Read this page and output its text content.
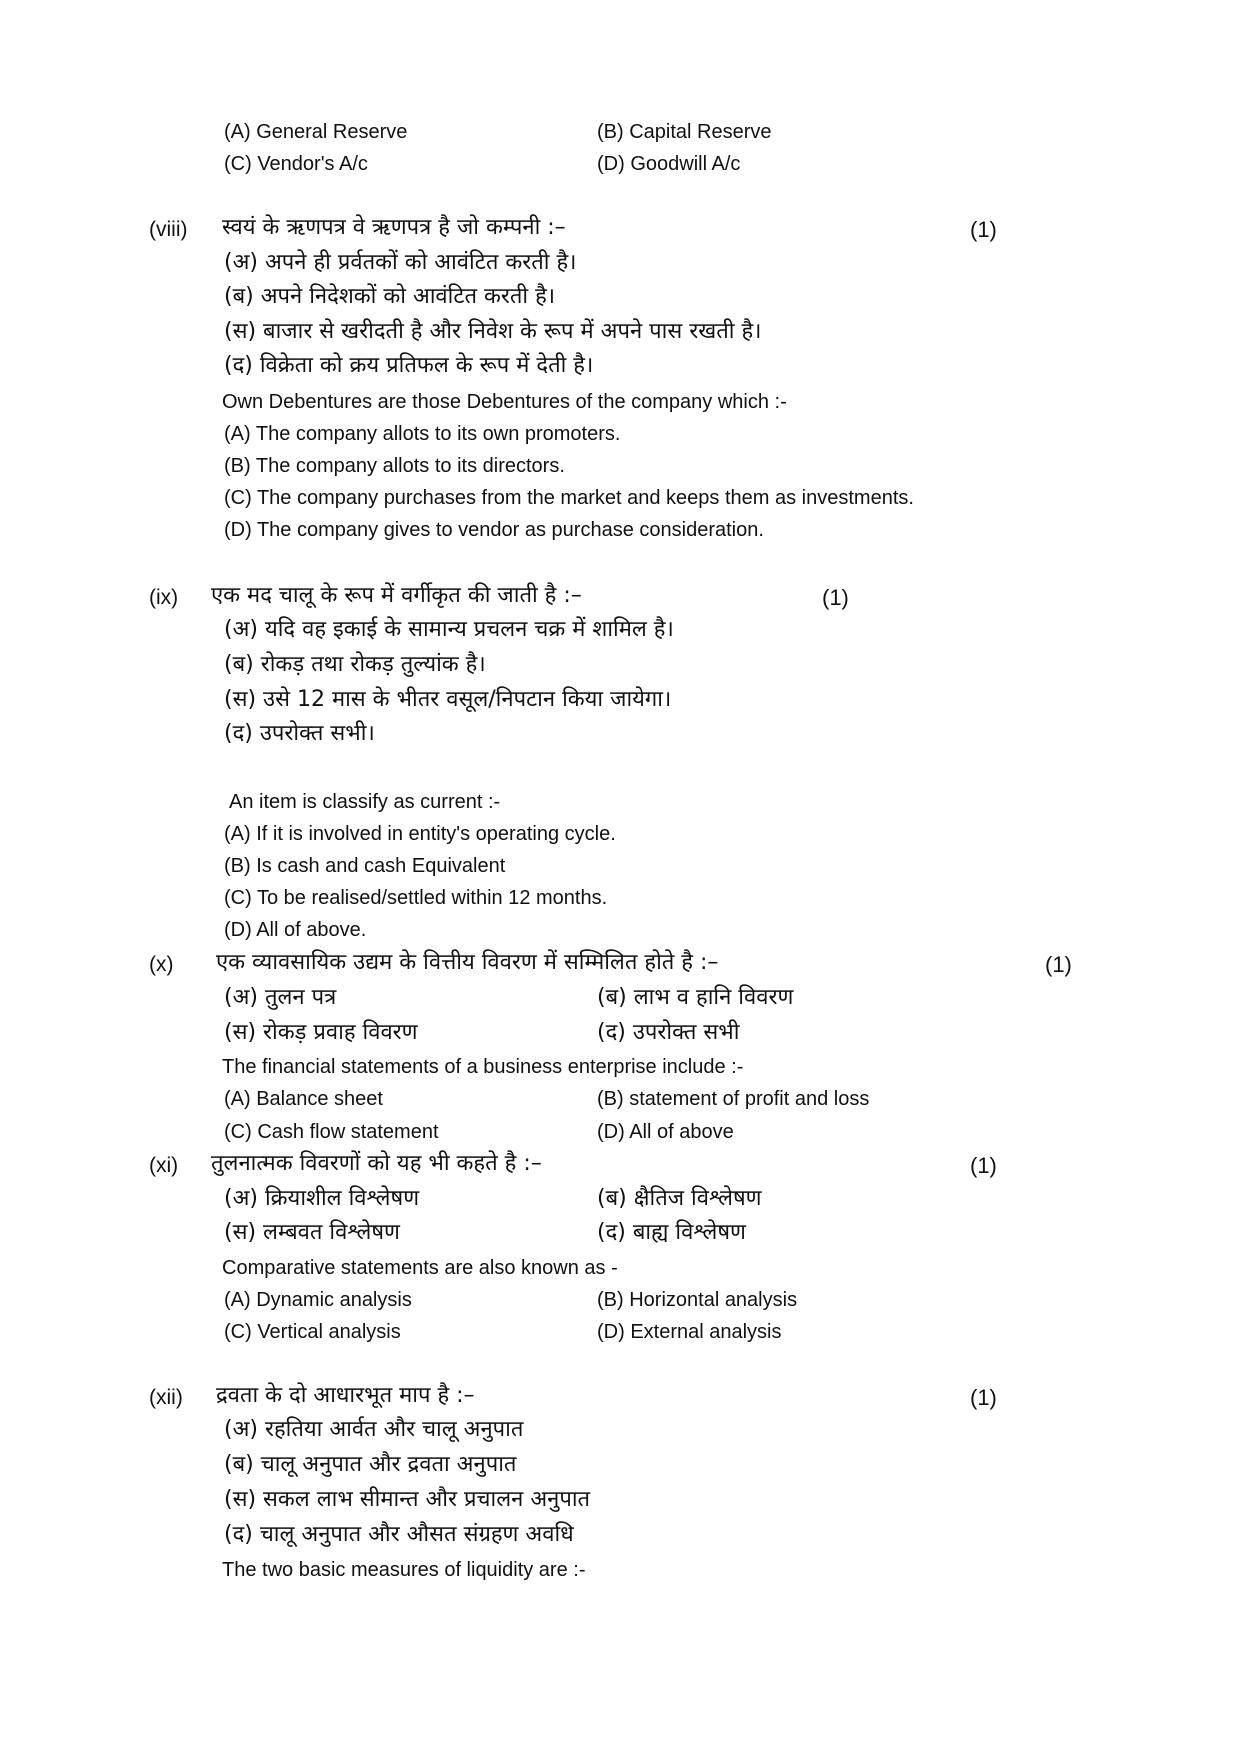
(A) General Reserve	(B) Capital Reserve
(C) Vendor's A/c	(D) Goodwill A/c
(viii) स्वयं के ऋणपत्र वे ऋणपत्र है जो कम्पनी :–	(1)
(अ) अपने ही प्रर्वतकों को आवंटित करती है।
(ब) अपने निदेशकों को आवंटित करती है।
(स) बाजार से खरीदती है और निवेश के रूप में अपने पास रखती है।
(द) विक्रेता को क्रय प्रतिफल के रूप में देती है।
Own Debentures are those Debentures of the company which :-
(A) The company allots to its own promoters.
(B) The company allots to its directors.
(C) The company purchases from the market and keeps them as investments.
(D) The company gives to vendor as purchase consideration.
(ix) एक मद चालू के रूप में वर्गीकृत की जाती है :–	(1)
(अ) यदि वह इकाई के सामान्य प्रचलन चक्र में शामिल है।
(ब) रोकड़ तथा रोकड़ तुल्यांक है।
(स) उसे 12 मास के भीतर वसूल/निपटान किया जायेगा।
(द) उपरोक्त सभी।
An item is classify as current :-
(A) If it is involved in entity's operating cycle.
(B) Is cash and cash Equivalent
(C) To be realised/settled within 12 months.
(D) All of above.
(x) एक व्यावसायिक उद्यम के वित्तीय विवरण में सम्मिलित होते है :–	(1)
(अ) तुलन पत्र	(ब) लाभ व हानि विवरण
(स) रोकड़ प्रवाह विवरण	(द) उपरोक्त सभी
The financial statements of a business enterprise include :-
(A) Balance sheet	(B) statement of profit and loss
(C) Cash flow statement	(D) All of above
(xi) तुलनात्मक विवरणों को यह भी कहते है :–	(1)
(अ) क्रियाशील विश्लेषण	(ब) क्षैतिज विश्लेषण
(स) लम्बवत विश्लेषण	(द) बाह्य विश्लेषण
Comparative statements are also known as -
(A) Dynamic analysis	(B) Horizontal analysis
(C) Vertical analysis	(D) External analysis
(xii) द्रवता के दो आधारभूत माप है :–	(1)
(अ) रहतिया आर्वत और चालू अनुपात
(ब) चालू अनुपात और द्रवता अनुपात
(स) सकल लाभ सीमान्त और प्रचालन अनुपात
(द) चालू अनुपात और औसत संग्रहण अवधि
The two basic measures of liquidity are :-
